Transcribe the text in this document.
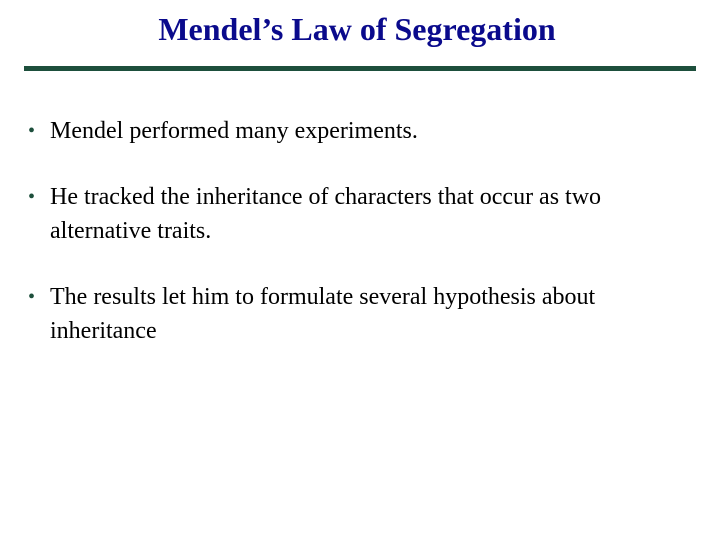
Mendel’s Law of Segregation
• Mendel performed many experiments.
• He tracked the inheritance of characters that occur as two alternative traits.
• The results let him to formulate several hypothesis about inheritance
